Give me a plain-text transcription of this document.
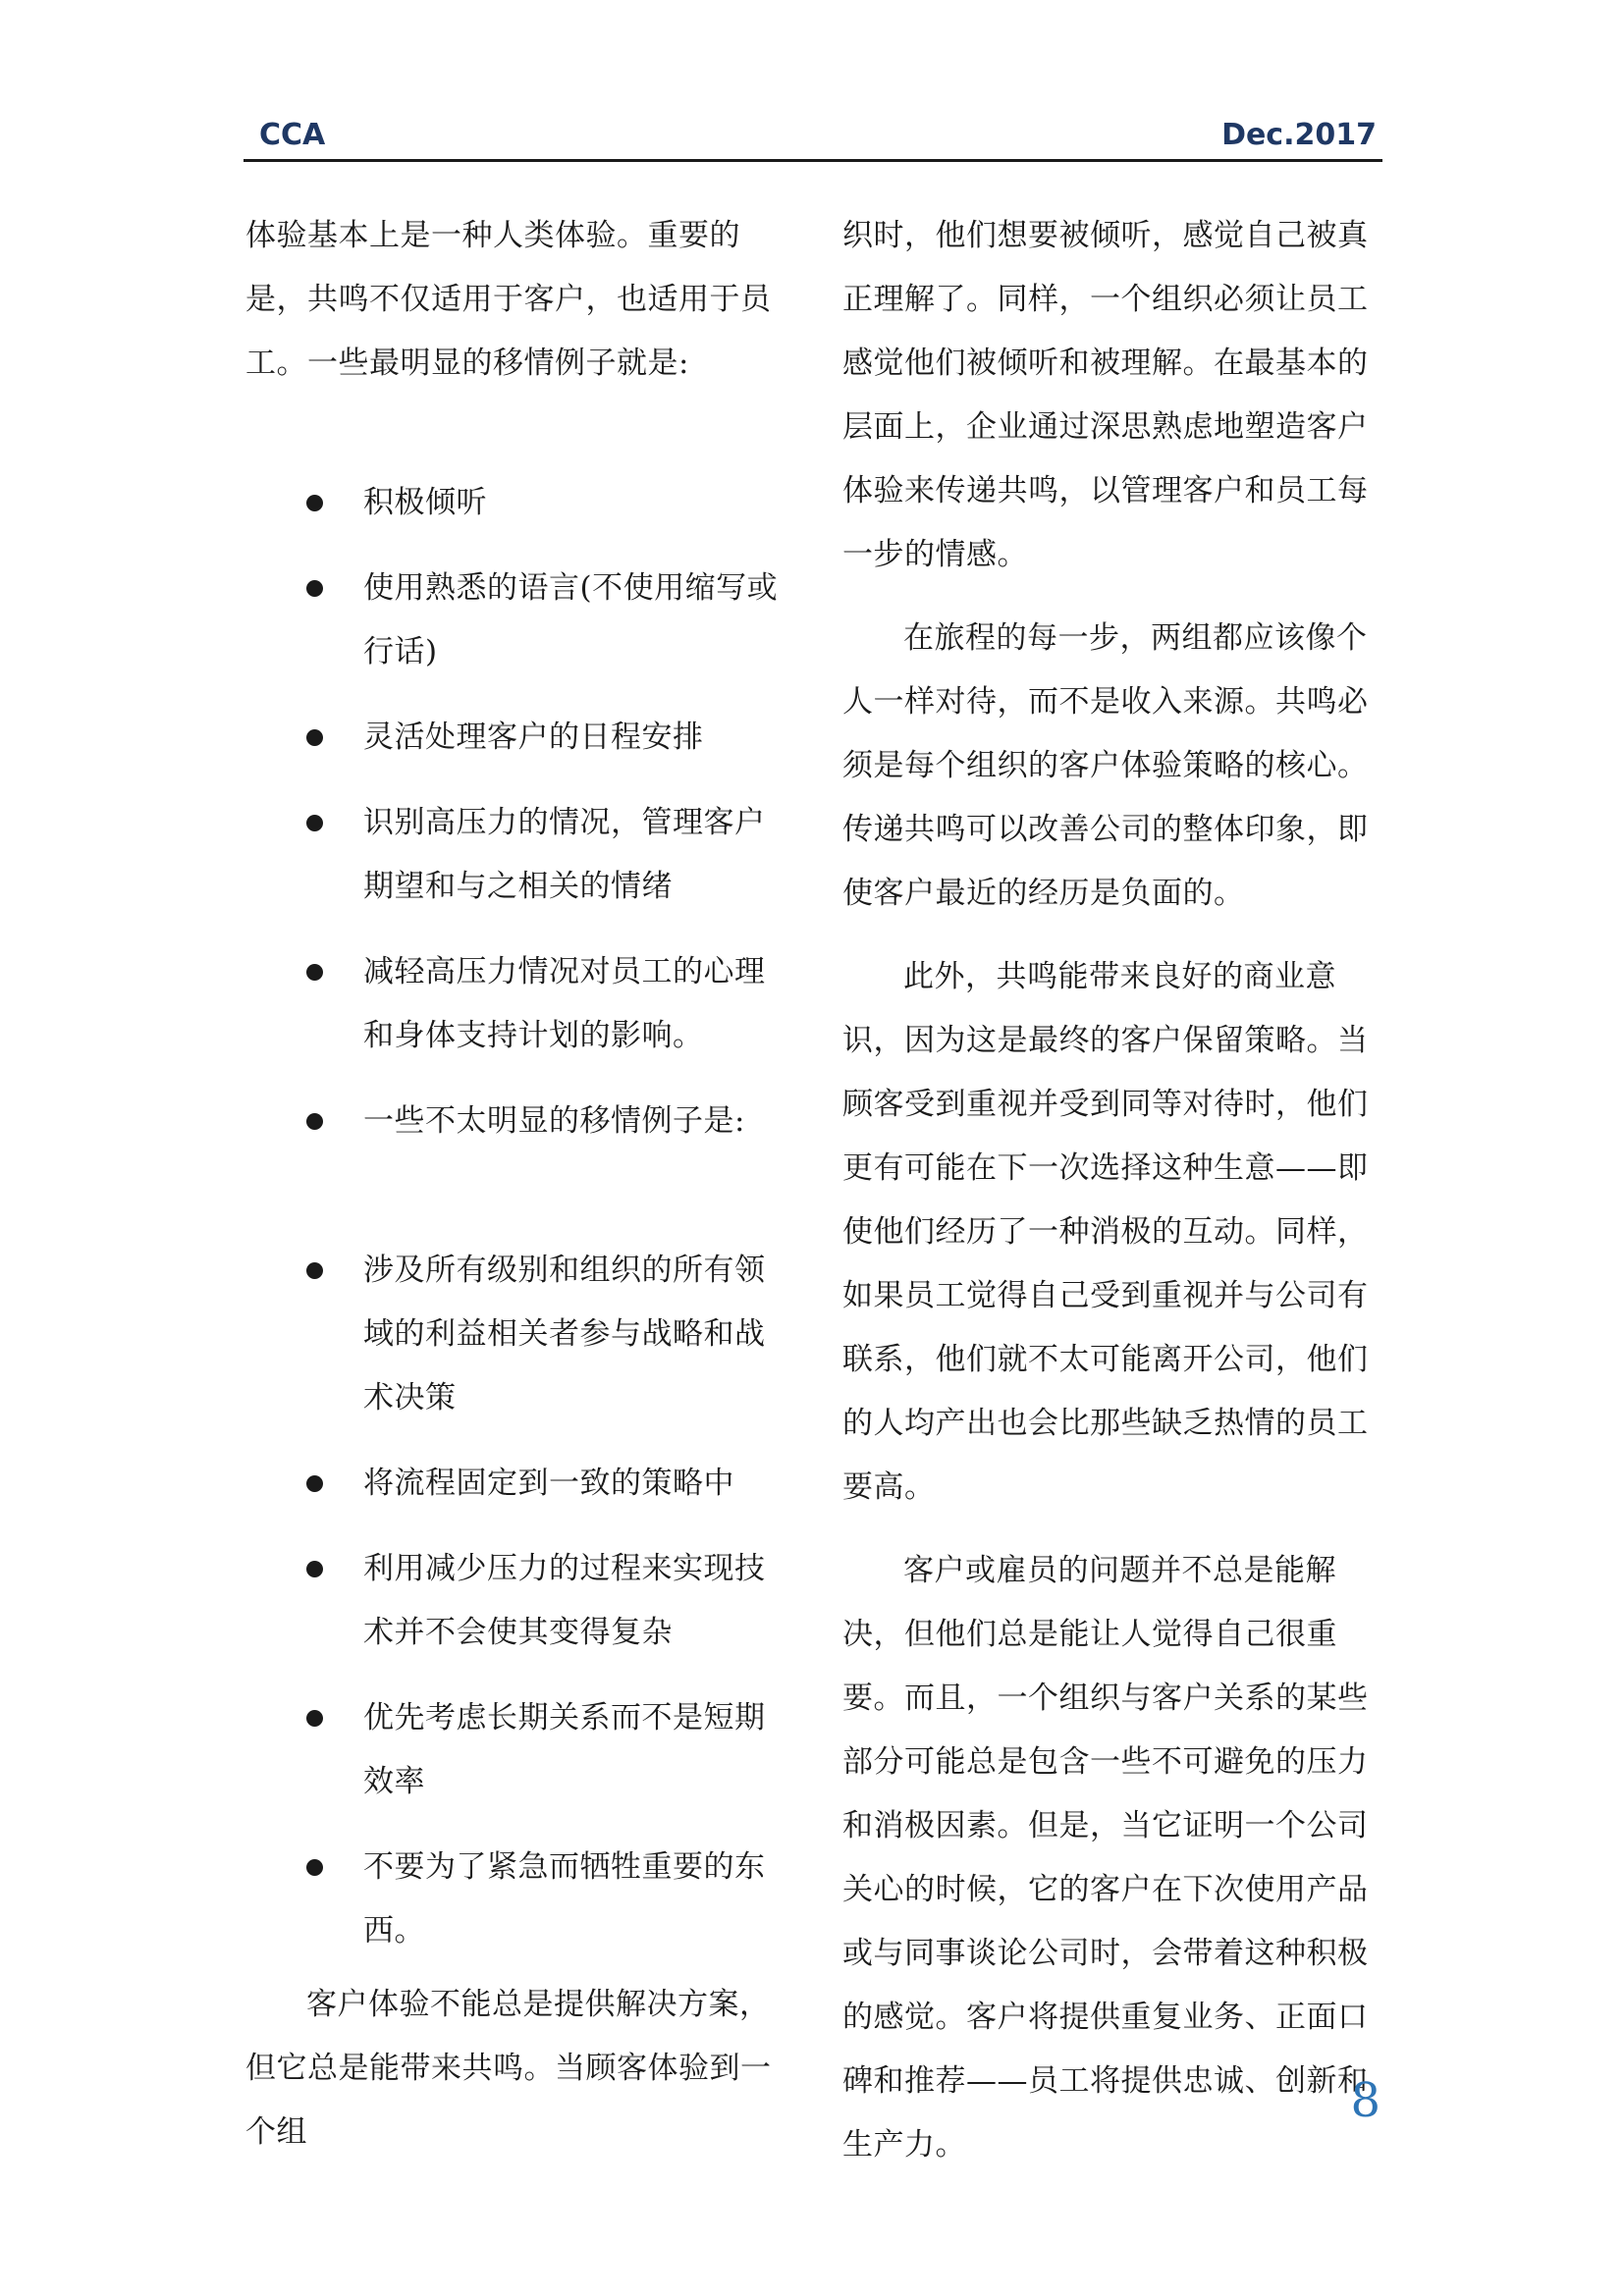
CCA	Dec.2017

体验基本上是一种人类体验。重要的是，共鸣不仅适用于客户，也适用于员工。一些最明显的移情例子就是:

积极倾听
使用熟悉的语言(不使用缩写或行话)
灵活处理客户的日程安排
识别高压力的情况，管理客户期望和与之相关的情绪
减轻高压力情况对员工的心理和身体支持计划的影响。
一些不太明显的移情例子是:
涉及所有级别和组织的所有领域的利益相关者参与战略和战术决策
将流程固定到一致的策略中
利用减少压力的过程来实现技术并不会使其变得复杂
优先考虑长期关系而不是短期效率
不要为了紧急而牺牲重要的东西。

客户体验不能总是提供解决方案，但它总是能带来共鸣。当顾客体验到一个组

织时，他们想要被倾听，感觉自己被真正理解了。同样，一个组织必须让员工感觉他们被倾听和被理解。在最基本的层面上，企业通过深思熟虑地塑造客户体验来传递共鸣，以管理客户和员工每一步的情感。

在旅程的每一步，两组都应该像个人一样对待，而不是收入来源。共鸣必须是每个组织的客户体验策略的核心。传递共鸣可以改善公司的整体印象，即使客户最近的经历是负面的。

此外，共鸣能带来良好的商业意识，因为这是最终的客户保留策略。当顾客受到重视并受到同等对待时，他们更有可能在下一次选择这种生意——即使他们经历了一种消极的互动。同样，如果员工觉得自己受到重视并与公司有联系，他们就不太可能离开公司，他们的人均产出也会比那些缺乏热情的员工要高。

客户或雇员的问题并不总是能解决，但他们总是能让人觉得自己很重要。而且，一个组织与客户关系的某些部分可能总是包含一些不可避免的压力和消极因素。但是，当它证明一个公司关心的时候，它的客户在下次使用产品或与同事谈论公司时，会带着这种积极的感觉。客户将提供重复业务、正面口碑和推荐——员工将提供忠诚、创新和生产力。

8
